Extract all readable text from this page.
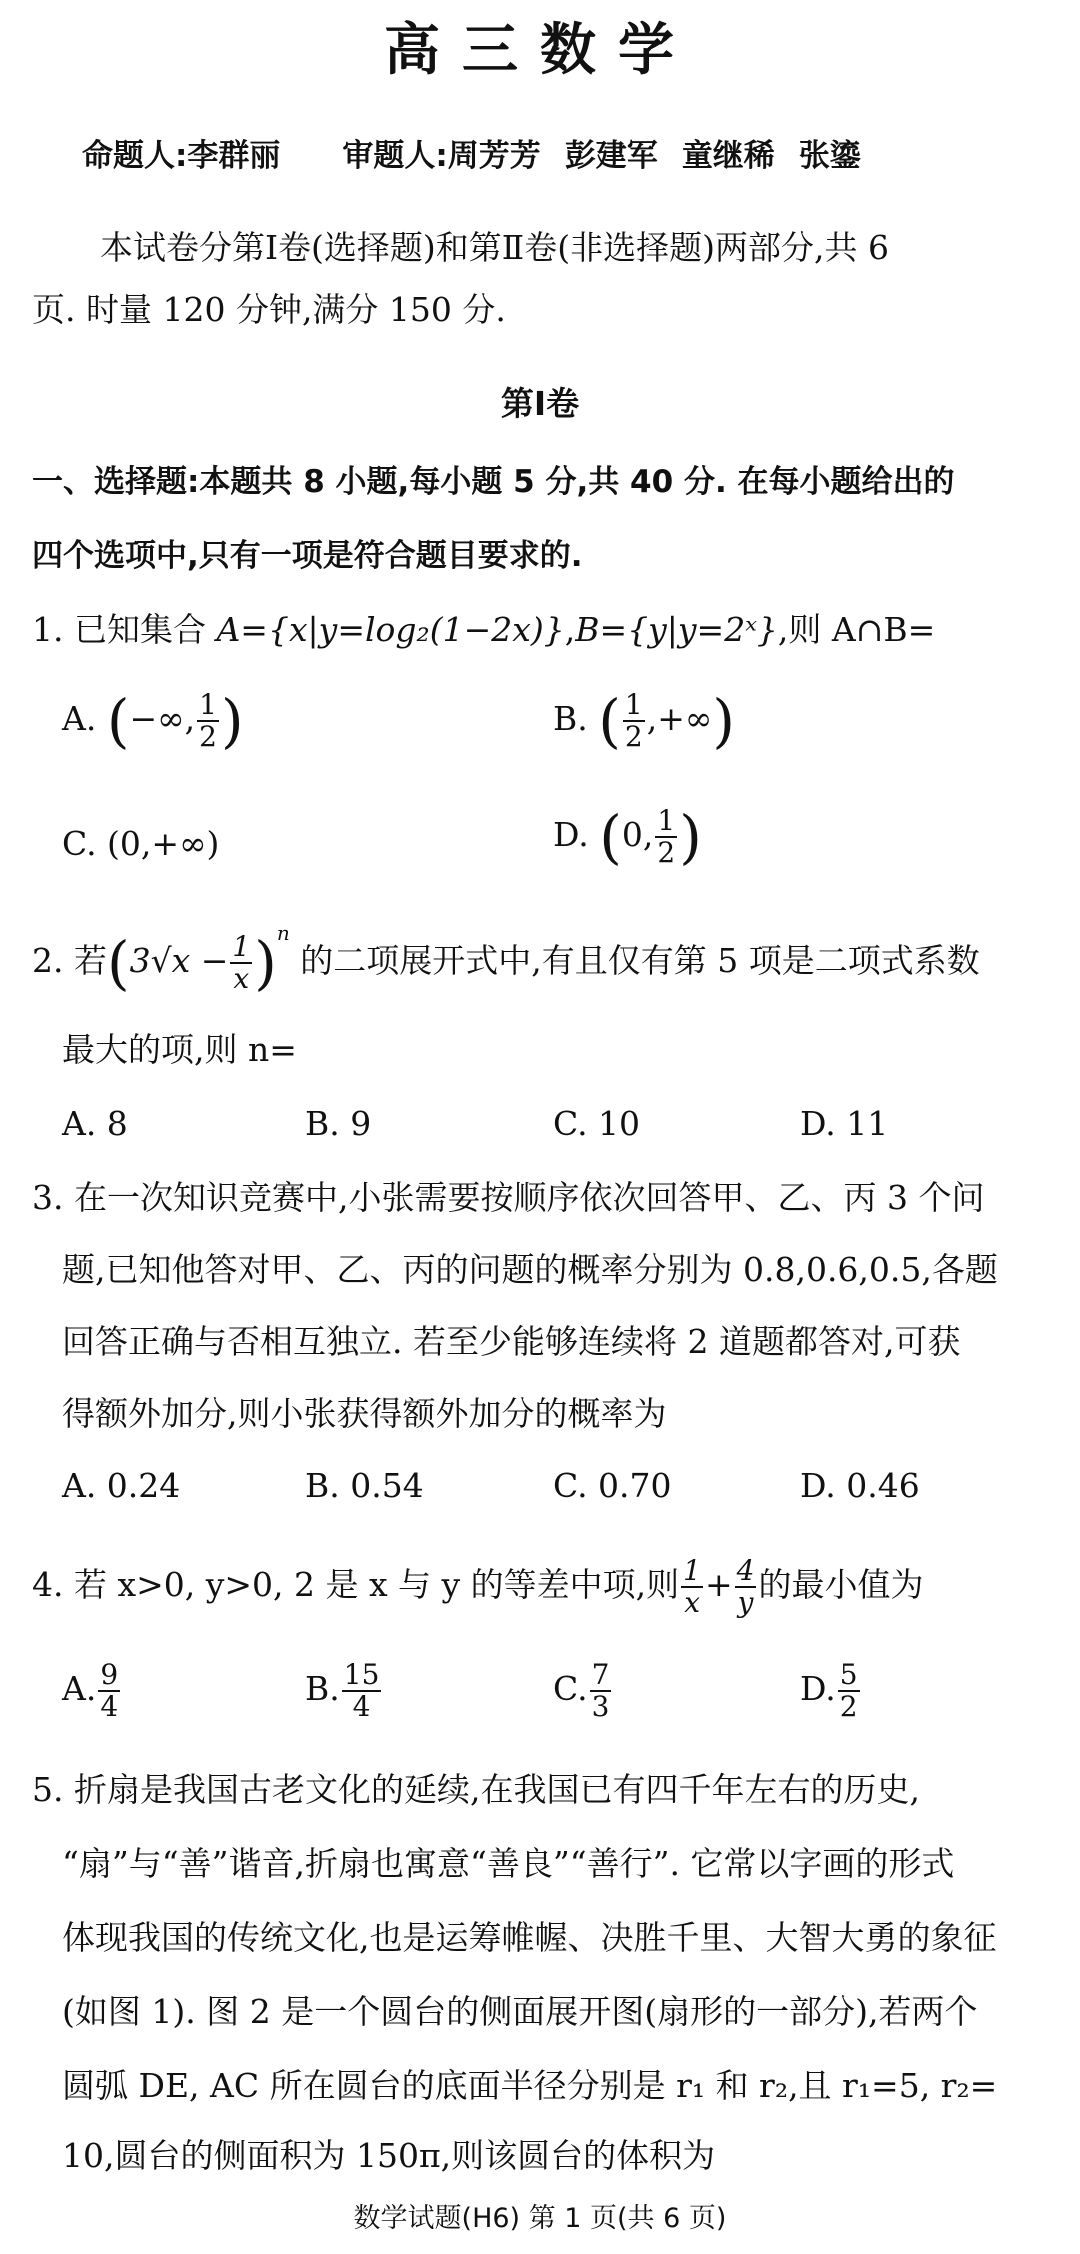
高三数学
命题人:李群丽 审题人:周芳芳 彭建军 童继稀 张鎏
本试卷分第Ⅰ卷(选择题)和第Ⅱ卷(非选择题)两部分,共 6
页. 时量 120 分钟,满分 150 分.
第Ⅰ卷
一、选择题:本题共 8 小题,每小题 5 分,共 40 分. 在每小题给出的
四个选项中,只有一项是符合题目要求的.
1. 已知集合 A={x|y=log₂(1−2x)},B={y|y=2ˣ},则 A∩B=
A. (−∞, $\frac{1}{2}$ )	B. ( $\frac{1}{2}$ ,+∞)
C. (0,+∞)	D. (0, $\frac{1}{2}$ )
2. 若$(3√x - \frac{1}{x} )^n$ 的二项展开式中,有且仅有第 5 项是二项式系数
最大的项,则 n=
A. 8	B. 9	C. 10	D. 11
3. 在一次知识竞赛中,小张需要按顺序依次回答甲、乙、丙 3 个问
题,已知他答对甲、乙、丙的问题的概率分别为 0.8,0.6,0.5,各题
回答正确与否相互独立. 若至少能够连续将 2 道题都答对,可获
得额外加分,则小张获得额外加分的概率为
A. 0.24	B. 0.54	C. 0.70	D. 0.46
4. 若 x>0, y>0, 2 是 x 与 y 的等差中项,则 $\frac{1}{x} + \frac{4}{y}$ 的最小值为
A. $\frac{9}{4}$	B. $\frac{15}{4}$	C. $\frac{7}{3}$	D. $\frac{5}{2}$
5. 折扇是我国古老文化的延续,在我国已有四千年左右的历史,
“扇”与“善”谐音,折扇也寓意“善良”“善行”. 它常以字画的形式
体现我国的传统文化,也是运筹帷幄、决胜千里、大智大勇的象征
(如图 1). 图 2 是一个圆台的侧面展开图(扇形的一部分),若两个
圆弧 DE, AC 所在圆台的底面半径分别是 r₁ 和 r₂,且 r₁=5, r₂=
10,圆台的侧面积为 150π,则该圆台的体积为
数学试题(H6) 第 1 页(共 6 页)
